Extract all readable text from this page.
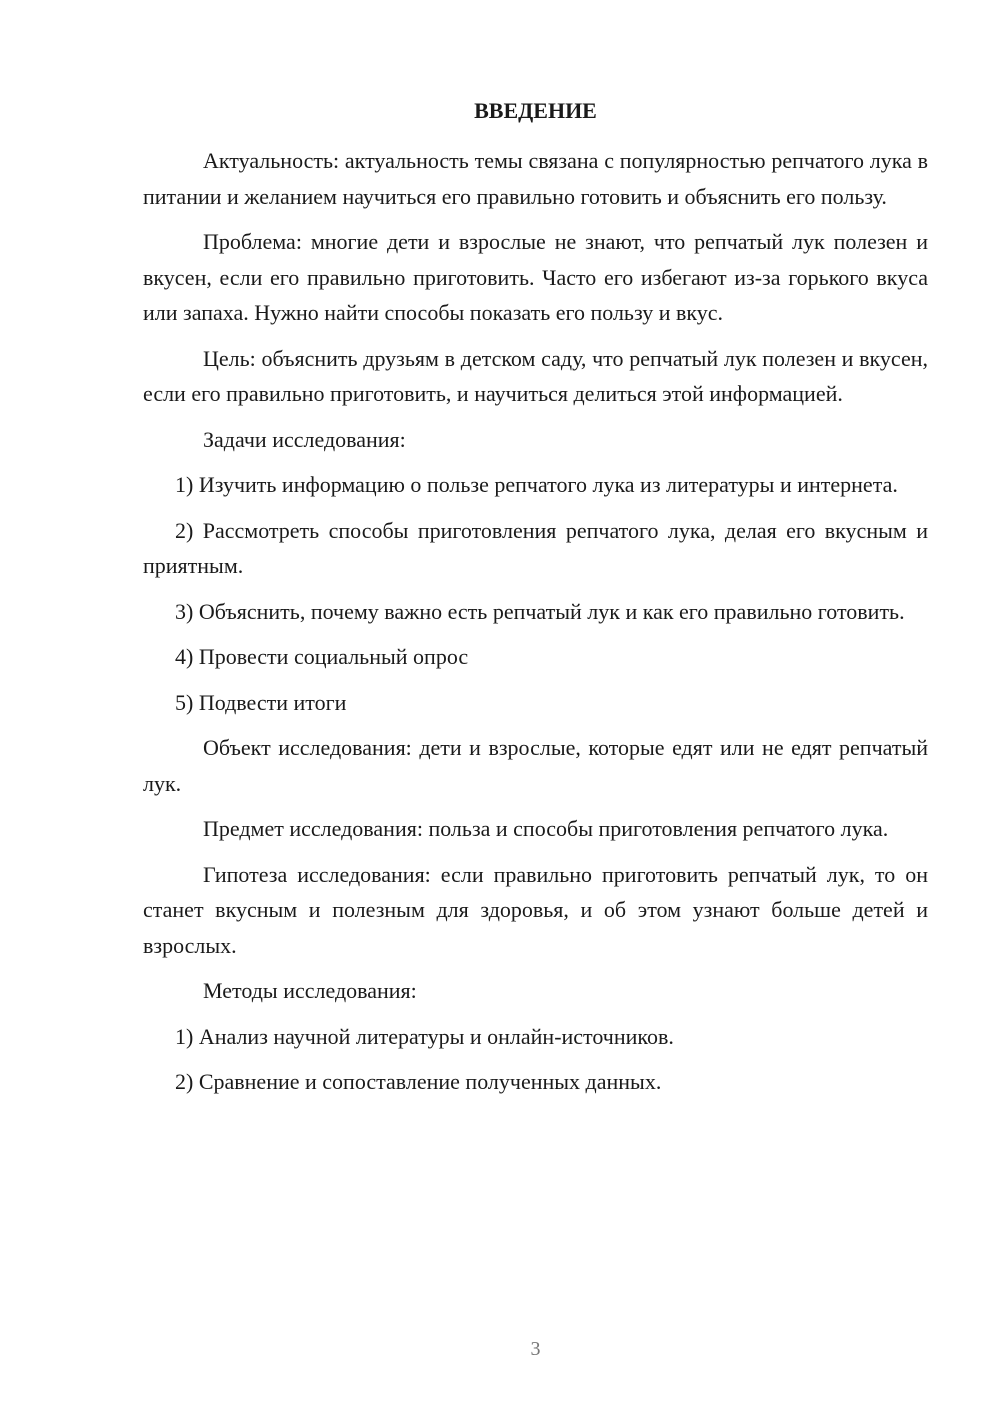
ВВЕДЕНИЕ

Актуальность: актуальность темы связана с популярностью репчатого лука в питании и желанием научиться его правильно готовить и объяснить его пользу.

Проблема: многие дети и взрослые не знают, что репчатый лук полезен и вкусен, если его правильно приготовить. Часто его избегают из-за горького вкуса или запаха. Нужно найти способы показать его пользу и вкус.

Цель: объяснить друзьям в детском саду, что репчатый лук полезен и вкусен, если его правильно приготовить, и научиться делиться этой информацией.

Задачи исследования:

1) Изучить информацию о пользе репчатого лука из литературы и интернета.

2) Рассмотреть способы приготовления репчатого лука, делая его вкусным и приятным.

3) Объяснить, почему важно есть репчатый лук и как его правильно готовить.

4) Провести социальный опрос

5) Подвести итоги

Объект исследования: дети и взрослые, которые едят или не едят репчатый лук.

Предмет исследования: польза и способы приготовления репчатого лука.

Гипотеза исследования: если правильно приготовить репчатый лук, то он станет вкусным и полезным для здоровья, и об этом узнают больше детей и взрослых.

Методы исследования:

1) Анализ научной литературы и онлайн-источников.

2) Сравнение и сопоставление полученных данных.

3
